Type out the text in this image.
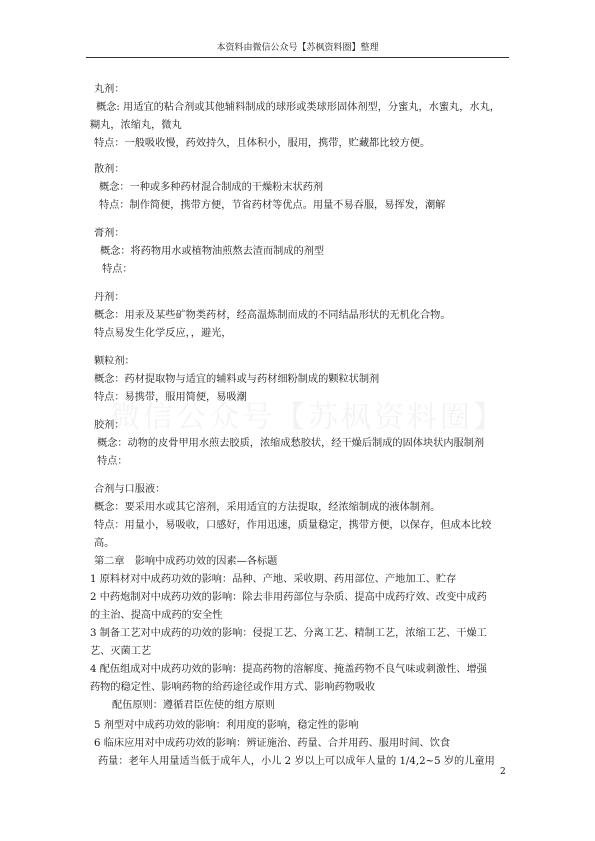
本资料由微信公众号【苏枫资料圈】整理
丸剂：
概念: 用适宜的粘合剂或其他辅料制成的球形或类球形固体剂型，分蜜丸，水蜜丸，水丸，
糊丸，浓缩丸，微丸
特点：一般吸收慢，药效持久，且体积小，服用，携带，贮藏都比较方便。
散剂：
概念：一种或多种药材混合制成的干燥粉末状药剂
特点：制作简便，携带方便，节省药材等优点。用量不易吞服，易挥发，潮解
膏剂：
概念：将药物用水或植物油煎熬去渣而制成的剂型
特点：
丹剂：
概念：用汞及某些矿物类药材，经高温炼制而成的不同结晶形状的无机化合物。
特点易发生化学反应，，避光，
颗粒剂：
概念：药材提取物与适宜的辅料或与药材细粉制成的颗粒状制剂
特点：易携带，服用简便，易吸潮
胶剂：
概念：动物的皮骨甲用水煎去胶质，浓缩成愁胶状，经干燥后制成的固体块状内服制剂
特点：
合剂与口服液：
概念：要采用水或其它溶剂，采用适宜的方法提取，经浓缩制成的液体制剂。
特点：用量小，易吸收，口感好，作用迅速，质量稳定，携带方便，以保存，但成本比较
高。
第二章　影响中成药功效的因素—各标题
1 原料材对中成药功效的影响：品种、产地、采收期、药用部位、产地加工、贮存
2 中药炮制对中成药功效的影响：除去非用药部位与杂质、提高中成药疗效、改变中成药
的主治、提高中成药的安全性
3 制备工艺对中成药的功效的影响：侵提工艺、分离工艺、精制工艺，浓缩工艺、干燥工
艺、灭菌工艺
4 配伍组成对中成药功效的影响：提高药物的溶解度、掩盖药物不良气味或刺激性、增强
药物的稳定性、影响药物的给药途径或作用方式、影响药物吸收
配伍原则：遵循君臣佐使的组方原则
5 剂型对中成药功效的影响：利用度的影响，稳定性的影响
6 临床应用对中成药功效的影响：辨证施治、药量、合并用药、服用时间、饮食
药量：老年人用量适当低于成年人，小儿 2 岁以上可以成年人量的 1/4,2~5 岁的儿童用
2
